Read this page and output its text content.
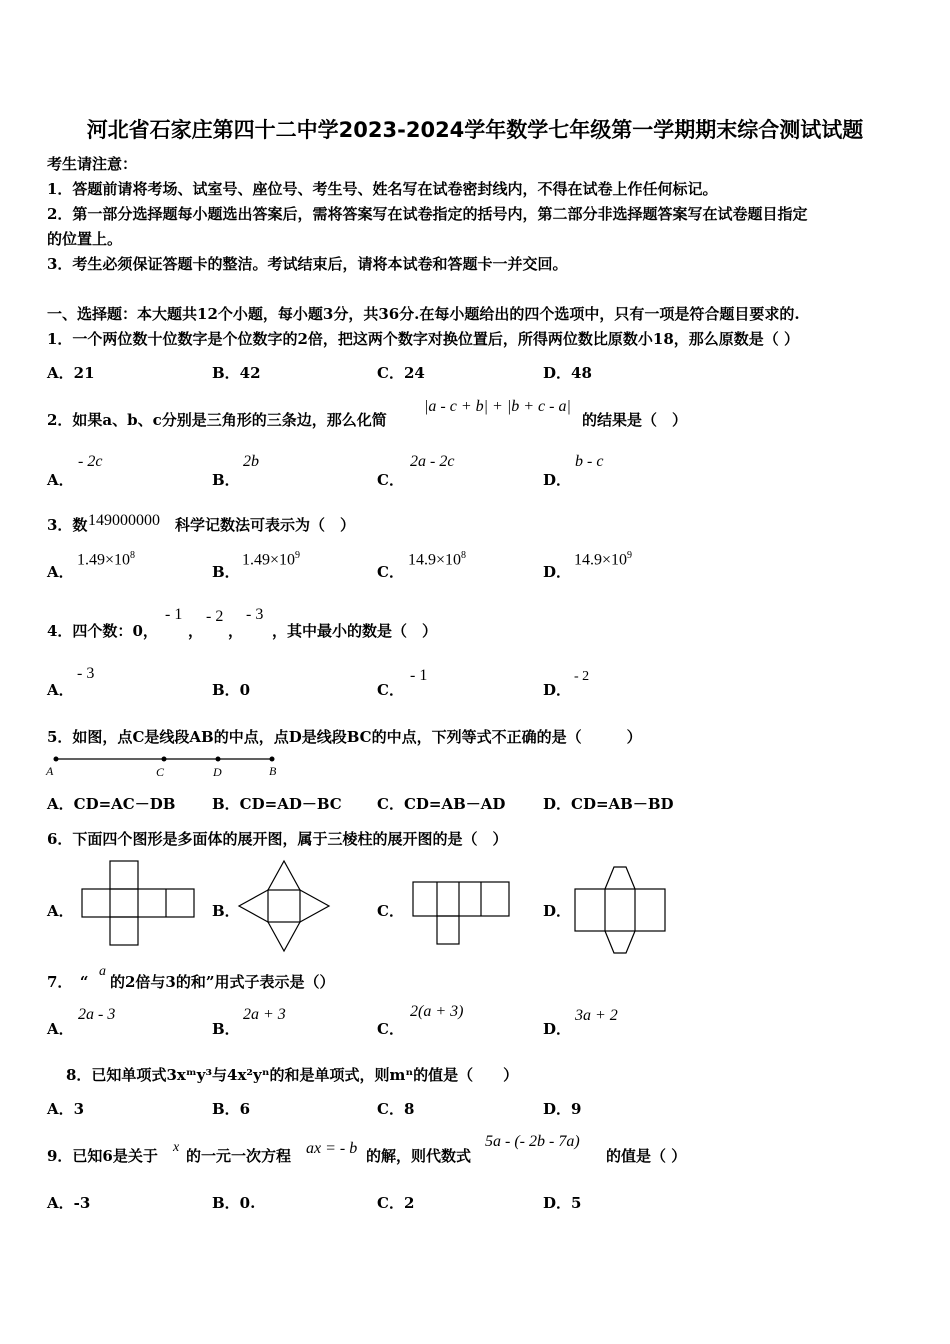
河北省石家庄第四十二中学2023-2024学年数学七年级第一学期期末综合测试试题
考生请注意：
1．答题前请将考场、试室号、座位号、考生号、姓名写在试卷密封线内，不得在试卷上作任何标记。
2．第一部分选择题每小题选出答案后，需将答案写在试卷指定的括号内，第二部分非选择题答案写在试卷题目指定
的位置上。
3．考生必须保证答题卡的整洁。考试结束后，请将本试卷和答题卡一并交回。
一、选择题：本大题共12个小题，每小题3分，共36分.在每小题给出的四个选项中，只有一项是符合题目要求的.
1．一个两位数十位数字是个位数字的2倍，把这两个数字对换位置后，所得两位数比原数小18，那么原数是（ ）
A．21	B．42	C．24	D．48
2．如果a、b、c分别是三角形的三条边，那么化简
|a - c + b| + |b + c - a|
的结果是（　）
A．
- 2c
B．
2b
C．
2a - 2c
D．
b - c
3．数 149000000 科学记数法可表示为（　）
A．
$1.49\times 10^8$
B．
$1.49\times 10^9$
C．
$14.9\times 10^8$
D．
$14.9\times 10^9$
4．四个数：0，
- 1
，
- 2
，
- 3
，其中最小的数是（　）
A．
- 3
B．0	C．
- 1
D．
- 2
5．如图，点C是线段AB的中点，点D是线段BC的中点，下列等式不正确的是（　　　）
A	C	D	B
A．CD=AC－DB B．CD=AD－BC C．CD=AB－AD	D．CD=AB－BD
6．下面四个图形是多面体的展开图，属于三棱柱的展开图的是（　）
A．	B．	C．	D．
7．　“
a
的2倍与3的和”用式子表示是（）
A．
2a - 3
B．
2a + 3
C．
2(a + 3)
D．
3a + 2
8．已知单项式3xᵐy³与4x²yⁿ的和是单项式，则mⁿ的值是（　　）
A．3	B．6	C．8	D．9
9．已知6是关于 x 的一元一次方程 ax = - b 的解，则代数式
5a - (- 2b - 7a)
的值是（ ）
A．-3	B．0.	C．2	D．5
